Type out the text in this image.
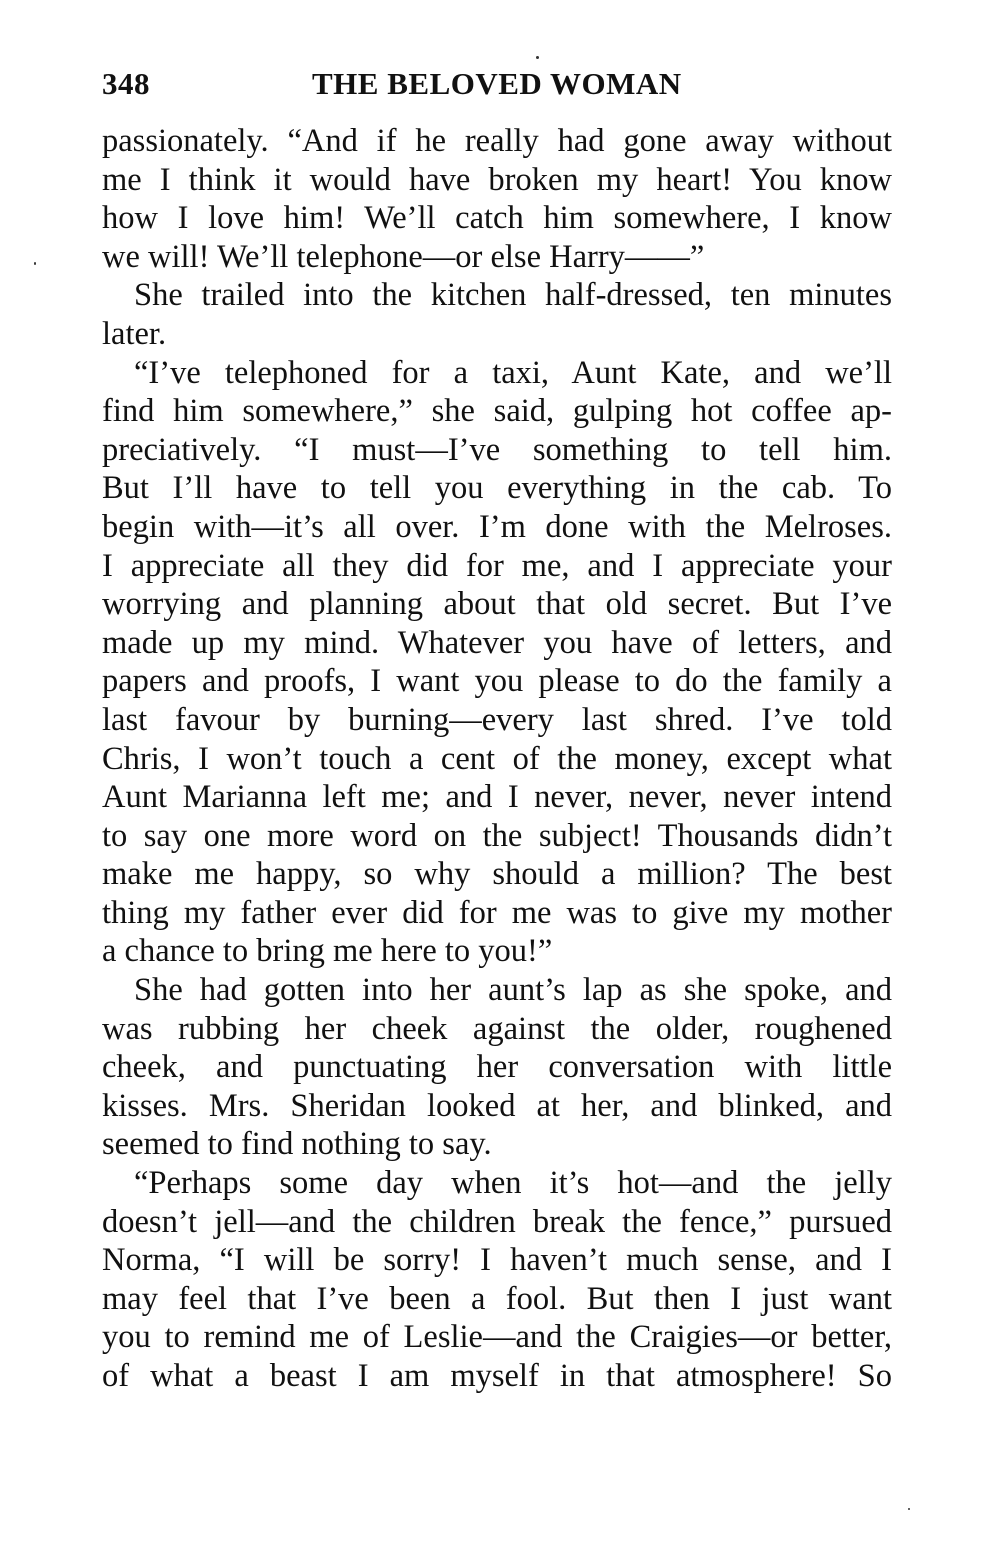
348	THE BELOVED WOMAN
passionately. “And if he really had gone away without
me I think it would have broken my heart! You know
how I love him! We’ll catch him somewhere, I know
we will! We’ll telephone—or else Harry——”
She trailed into the kitchen half-dressed, ten minutes
later.
“I’ve telephoned for a taxi, Aunt Kate, and we’ll
find him somewhere,” she said, gulping hot coffee ap-
preciatively. “I must—I’ve something to tell him.
But I’ll have to tell you everything in the cab. To
begin with—it’s all over. I’m done with the Melroses.
I appreciate all they did for me, and I appreciate your
worrying and planning about that old secret. But I’ve
made up my mind. Whatever you have of letters, and
papers and proofs, I want you please to do the family a
last favour by burning—every last shred. I’ve told
Chris, I won’t touch a cent of the money, except what
Aunt Marianna left me; and I never, never, never intend
to say one more word on the subject! Thousands didn’t
make me happy, so why should a million? The best
thing my father ever did for me was to give my mother
a chance to bring me here to you!”
She had gotten into her aunt’s lap as she spoke, and
was rubbing her cheek against the older, roughened
cheek, and punctuating her conversation with little
kisses. Mrs. Sheridan looked at her, and blinked, and
seemed to find nothing to say.
“Perhaps some day when it’s hot—and the jelly
doesn’t jell—and the children break the fence,” pursued
Norma, “I will be sorry! I haven’t much sense, and I
may feel that I’ve been a fool. But then I just want
you to remind me of Leslie—and the Craigies—or better,
of what a beast I am myself in that atmosphere! So
